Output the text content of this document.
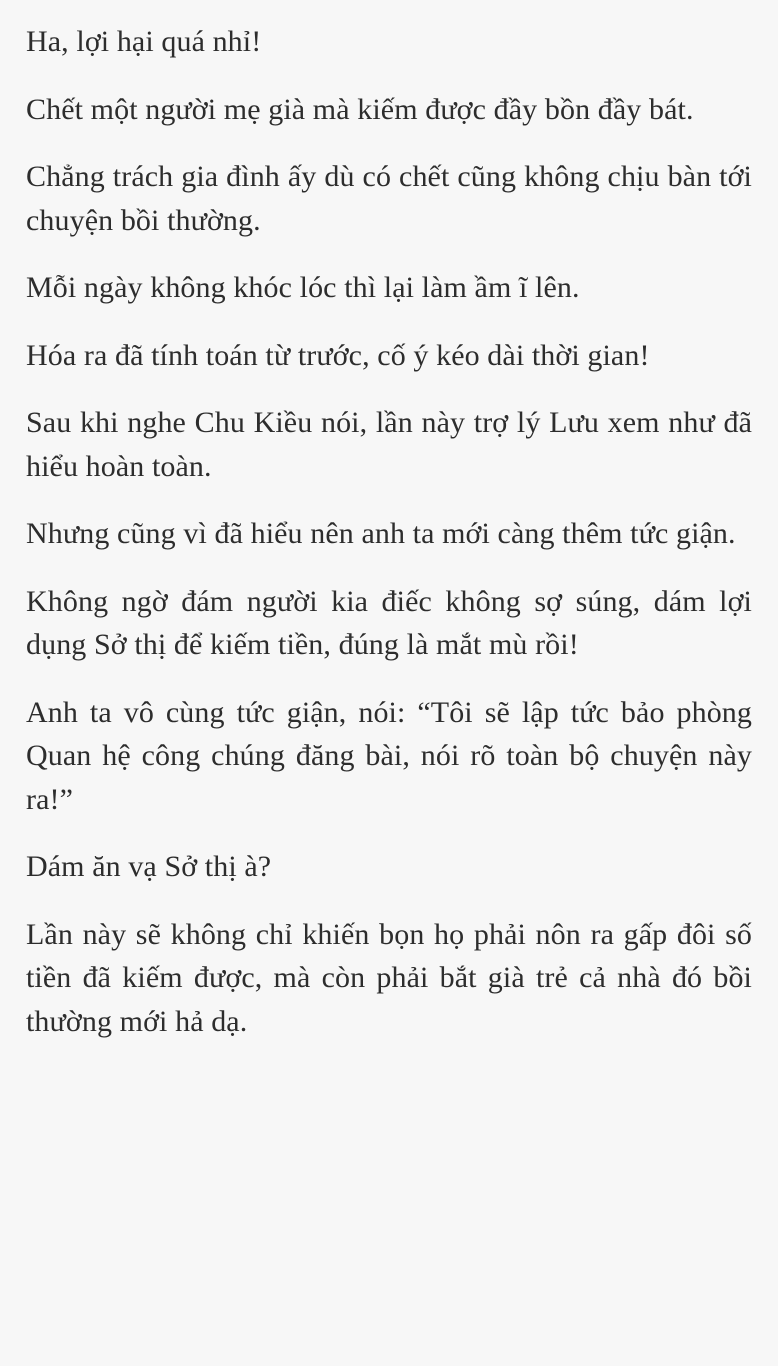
Ha, lợi hại quá nhỉ!

Chết một người mẹ già mà kiếm được đầy bồn đầy bát.

Chẳng trách gia đình ấy dù có chết cũng không chịu bàn tới chuyện bồi thường.

Mỗi ngày không khóc lóc thì lại làm ầm ĩ lên.

Hóa ra đã tính toán từ trước, cố ý kéo dài thời gian!

Sau khi nghe Chu Kiều nói, lần này trợ lý Lưu xem như đã hiểu hoàn toàn.

Nhưng cũng vì đã hiểu nên anh ta mới càng thêm tức giận.

Không ngờ đám người kia điếc không sợ súng, dám lợi dụng Sở thị để kiếm tiền, đúng là mắt mù rồi!

Anh ta vô cùng tức giận, nói: “Tôi sẽ lập tức bảo phòng Quan hệ công chúng đăng bài, nói rõ toàn bộ chuyện này ra!”

Dám ăn vạ Sở thị à?

Lần này sẽ không chỉ khiến bọn họ phải nôn ra gấp đôi số tiền đã kiếm được, mà còn phải bắt già trẻ cả nhà đó bồi thường mới hả dạ.
